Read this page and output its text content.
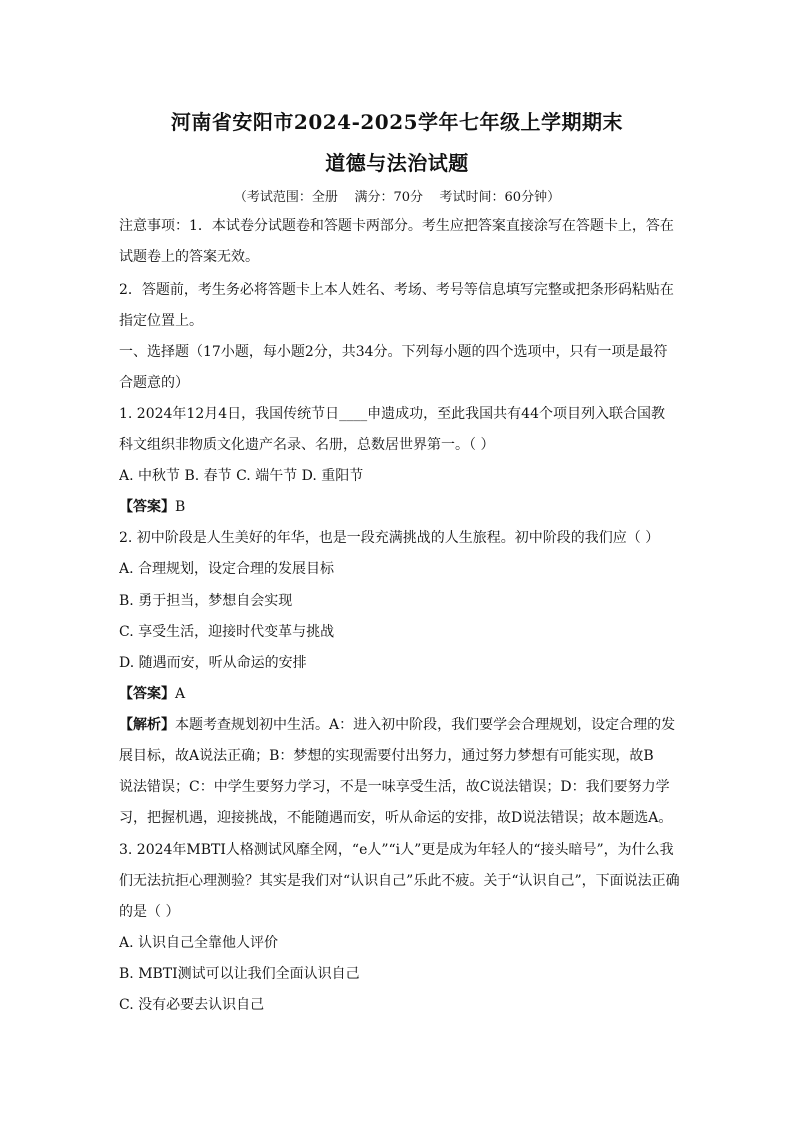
河南省安阳市2024-2025学年七年级上学期期末
道德与法治试题
（考试范围：全册    满分：70分    考试时间：60分钟）
注意事项：1．本试卷分试题卷和答题卡两部分。考生应把答案直接涂写在答题卡上，答在
试题卷上的答案无效。
2．答题前，考生务必将答题卡上本人姓名、考场、考号等信息填写完整或把条形码粘贴在
指定位置上。
一、选择题（17小题，每小题2分，共34分。下列每小题的四个选项中，只有一项是最符
合题意的）
1. 2024年12月4日，我国传统节日____申遗成功，至此我国共有44个项目列入联合国教
科文组织非物质文化遗产名录、名册，总数居世界第一。（ ）
A. 中秋节 B. 春节 C. 端午节 D. 重阳节
【答案】B
2. 初中阶段是人生美好的年华，也是一段充满挑战的人生旅程。初中阶段的我们应（ ）
A. 合理规划，设定合理的发展目标
B. 勇于担当，梦想自会实现
C. 享受生活，迎接时代变革与挑战
D. 随遇而安，听从命运的安排
【答案】A
【解析】本题考查规划初中生活。A：进入初中阶段，我们要学会合理规划，设定合理的发
展目标，故A说法正确；B：梦想的实现需要付出努力，通过努力梦想有可能实现，故B
说法错误；C：中学生要努力学习，不是一味享受生活，故C说法错误；D：我们要努力学
习，把握机遇，迎接挑战，不能随遇而安，听从命运的安排，故D说法错误；故本题选A。
3. 2024年MBTI人格测试风靡全网，“e人”“i人”更是成为年轻人的“接头暗号”，为什么我
们无法抗拒心理测验？其实是我们对“认识自己”乐此不疲。关于“认识自己”，下面说法正确
的是（ ）
A. 认识自己全靠他人评价
B. MBTI测试可以让我们全面认识自己
C. 没有必要去认识自己
